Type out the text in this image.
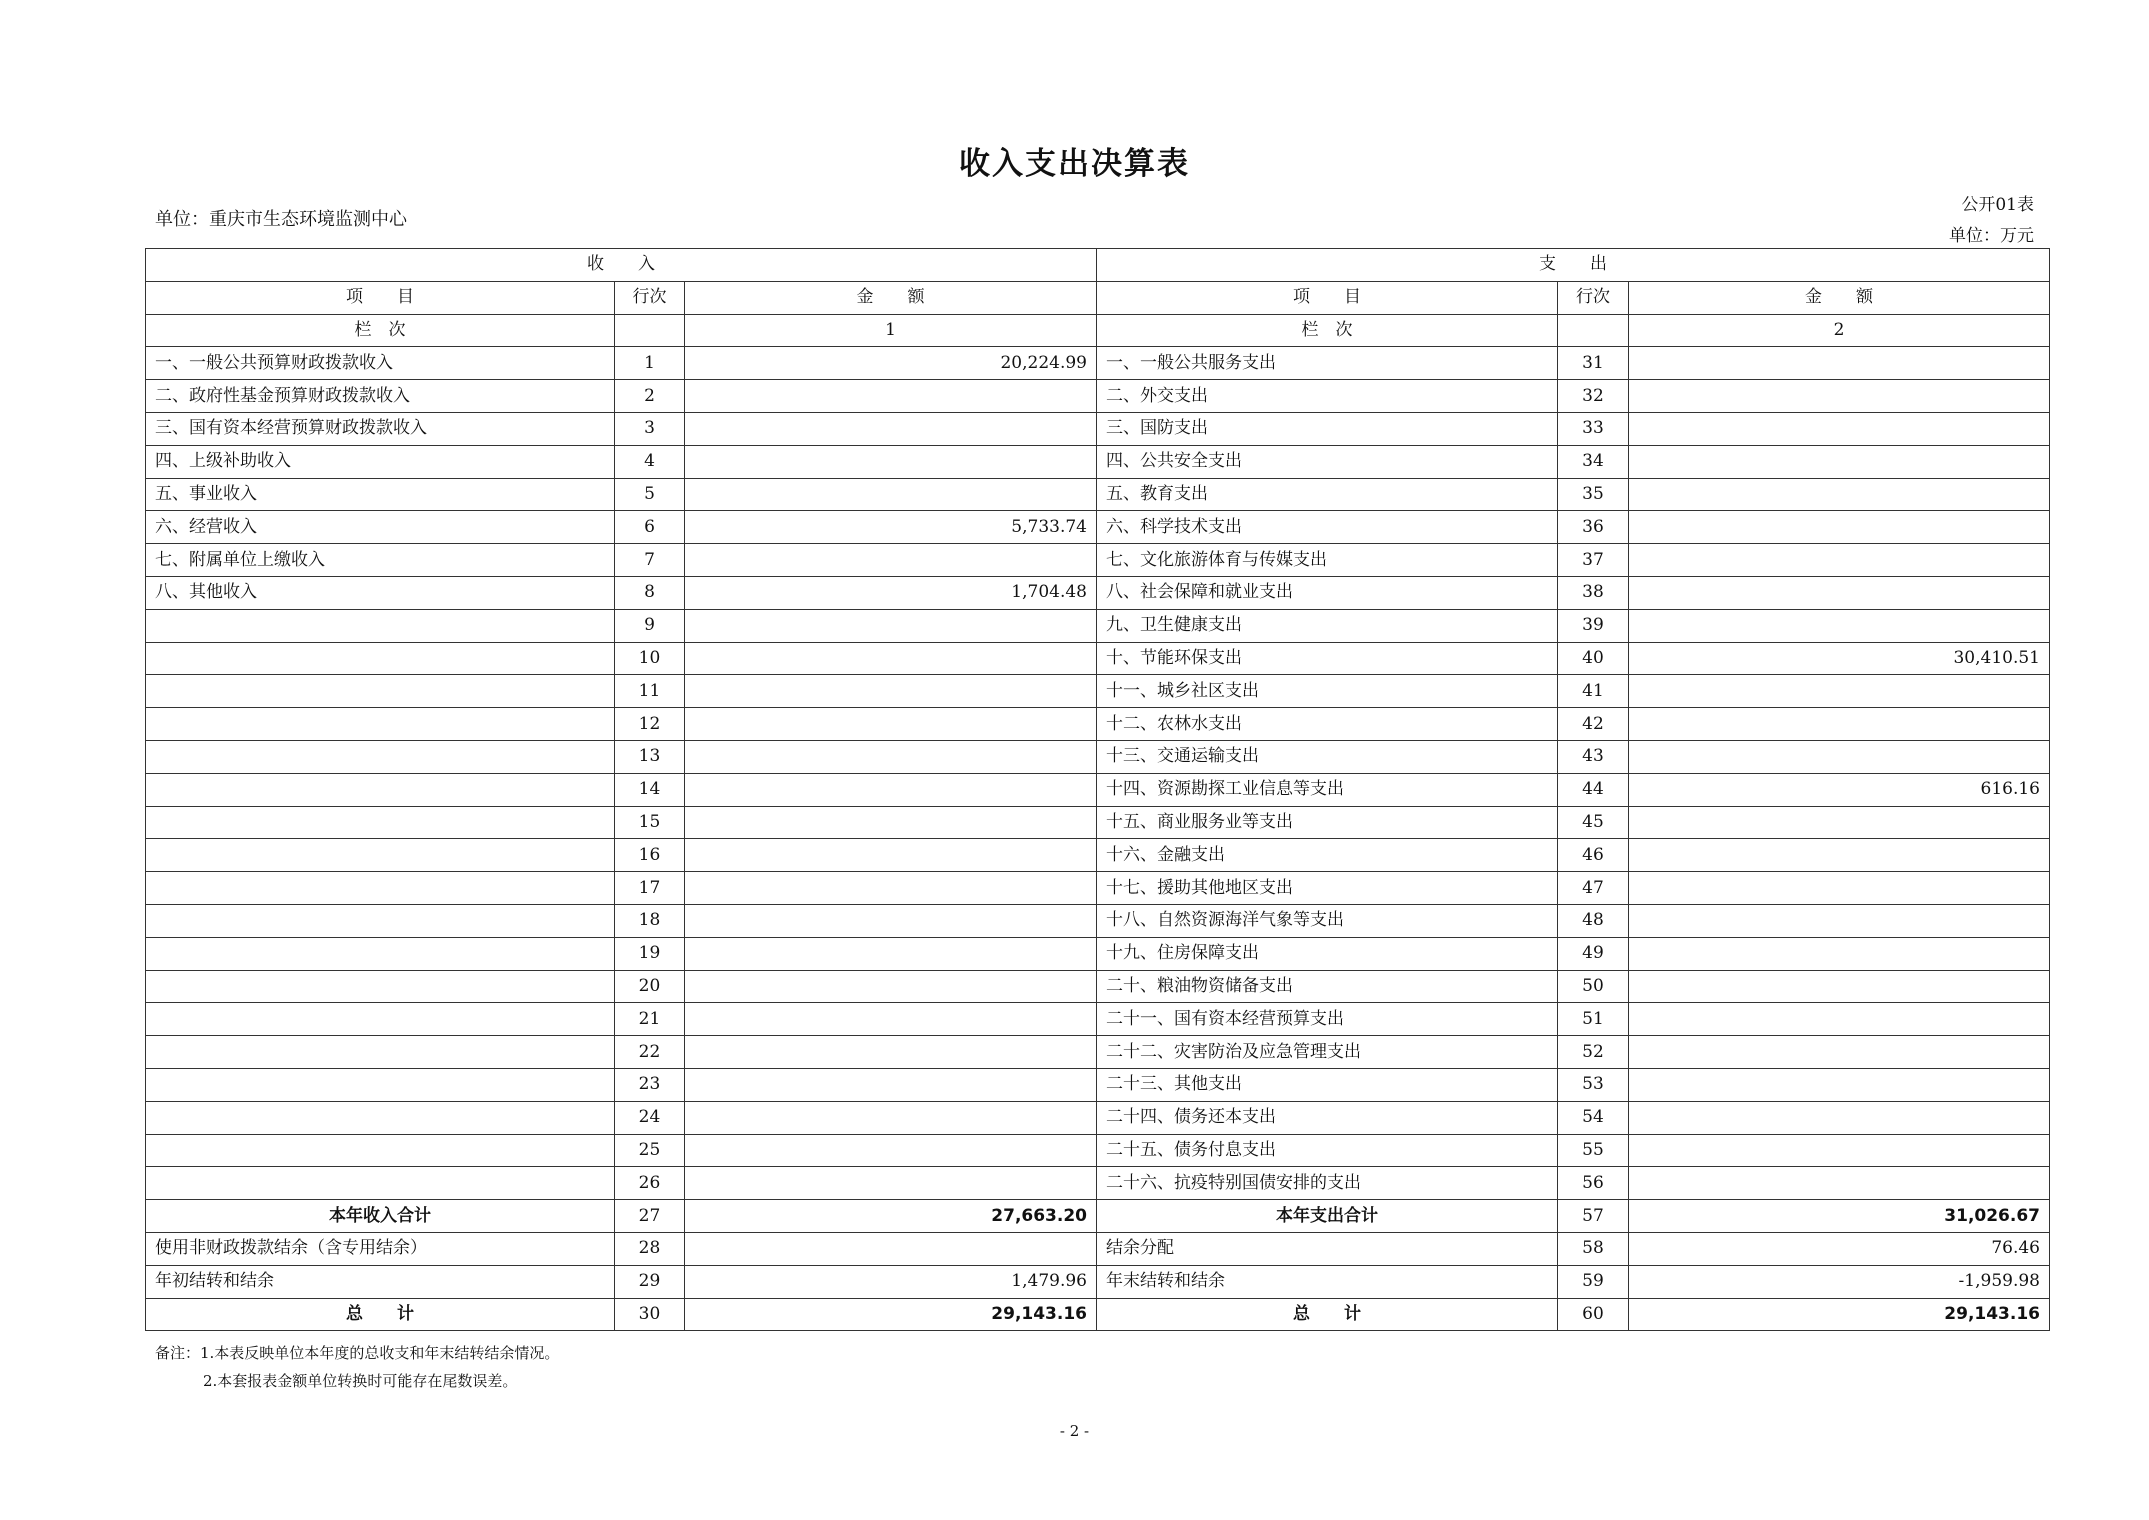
收入支出决算表
单位：重庆市生态环境监测中心
公开01表
单位：万元
收　　入			支　　出		
项　　目	行次	金　　额	项　　目	行次	金　　额
栏　次		1	栏　次		2
一、一般公共预算财政拨款收入	1	20,224.99	一、一般公共服务支出	31	
二、政府性基金预算财政拨款收入	2		二、外交支出	32	
三、国有资本经营预算财政拨款收入	3		三、国防支出	33	
四、上级补助收入	4		四、公共安全支出	34	
五、事业收入	5		五、教育支出	35	
六、经营收入	6	5,733.74	六、科学技术支出	36	
七、附属单位上缴收入	7		七、文化旅游体育与传媒支出	37	
八、其他收入	8	1,704.48	八、社会保障和就业支出	38	
	9		九、卫生健康支出	39	
	10		十、节能环保支出	40	30,410.51
	11		十一、城乡社区支出	41	
	12		十二、农林水支出	42	
	13		十三、交通运输支出	43	
	14		十四、资源勘探工业信息等支出	44	616.16
	15		十五、商业服务业等支出	45	
	16		十六、金融支出	46	
	17		十七、援助其他地区支出	47	
	18		十八、自然资源海洋气象等支出	48	
	19		十九、住房保障支出	49	
	20		二十、粮油物资储备支出	50	
	21		二十一、国有资本经营预算支出	51	
	22		二十二、灾害防治及应急管理支出	52	
	23		二十三、其他支出	53	
	24		二十四、债务还本支出	54	
	25		二十五、债务付息支出	55	
	26		二十六、抗疫特别国债安排的支出	56	
本年收入合计	27	27,663.20	本年支出合计	57	31,026.67
使用非财政拨款结余（含专用结余）	28		结余分配	58	76.46
年初结转和结余	29	1,479.96	年末结转和结余	59	-1,959.98
总　　计	30	29,143.16	总　　计	60	29,143.16
备注：1.本表反映单位本年度的总收支和年末结转结余情况。
2.本套报表金额单位转换时可能存在尾数误差。
- 2 -
